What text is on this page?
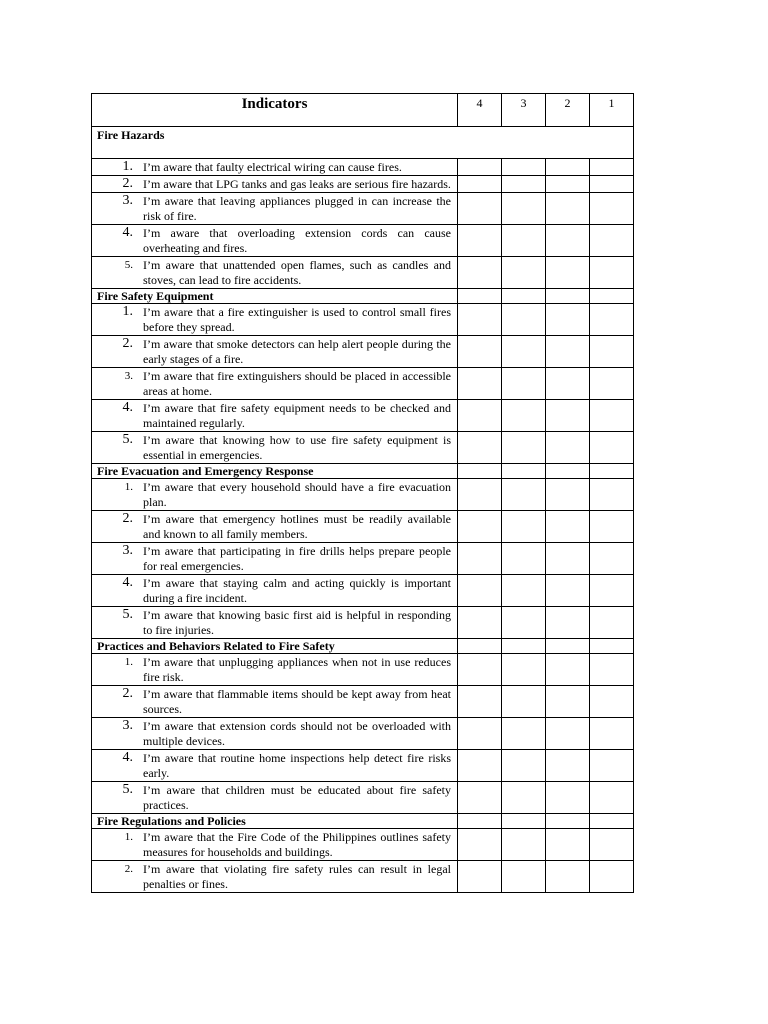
Indicators	4	3	2	1
Fire Hazards				

1. I’m aware that faulty electrical wiring can cause fires.				

2. I’m aware that LPG tanks and gas leaks are serious fire hazards.				

3. I’m aware that leaving appliances plugged in can increase the risk of fire.				

4. I’m aware that overloading extension cords can cause overheating and fires.				

5. I’m aware that unattended open flames, such as candles and stoves, can lead to fire accidents.				

Fire Safety Equipment				

1. I’m aware that a fire extinguisher is used to control small fires before they spread.				

2. I’m aware that smoke detectors can help alert people during the early stages of a fire.				

3. I’m aware that fire extinguishers should be placed in accessible areas at home.				

4. I’m aware that fire safety equipment needs to be checked and maintained regularly.				

5. I’m aware that knowing how to use fire safety equipment is essential in emergencies.				

Fire Evacuation and Emergency Response				

1. I’m aware that every household should have a fire evacuation plan.				

2. I’m aware that emergency hotlines must be readily available and known to all family members.				

3. I’m aware that participating in fire drills helps prepare people for real emergencies.				

4. I’m aware that staying calm and acting quickly is important during a fire incident.				

5. I’m aware that knowing basic first aid is helpful in responding to fire injuries.				

Practices and Behaviors Related to Fire Safety				

1. I’m aware that unplugging appliances when not in use reduces fire risk.				

2. I’m aware that flammable items should be kept away from heat sources.				

3. I’m aware that extension cords should not be overloaded with multiple devices.				

4. I’m aware that routine home inspections help detect fire risks early.				

5. I’m aware that children must be educated about fire safety practices.				

Fire Regulations and Policies				

1. I’m aware that the Fire Code of the Philippines outlines safety measures for households and buildings.				

2. I’m aware that violating fire safety rules can result in legal penalties or fines.				
